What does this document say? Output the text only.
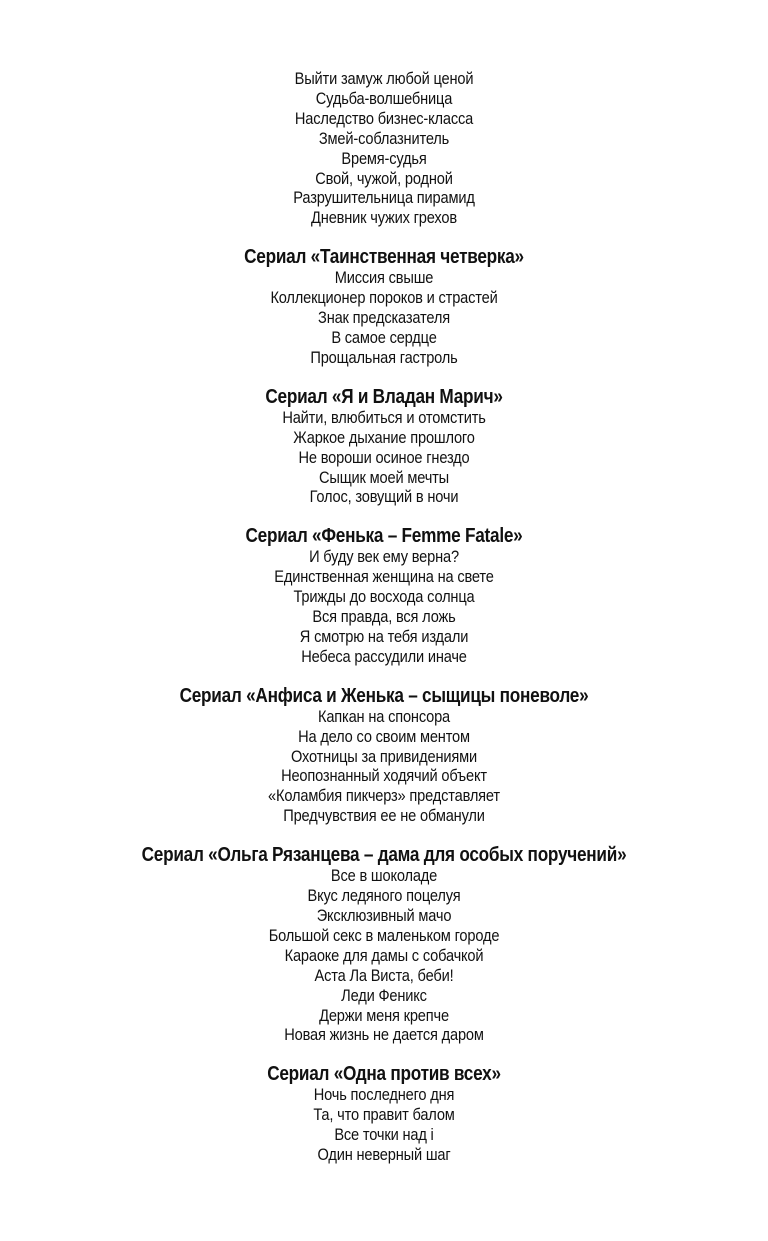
Выйти замуж любой ценой
Судьба-волшебница
Наследство бизнес-класса
Змей-соблазнитель
Время-судья
Свой, чужой, родной
Разрушительница пирамид
Дневник чужих грехов
Сериал «Таинственная четверка»
Миссия свыше
Коллекционер пороков и страстей
Знак предсказателя
В самое сердце
Прощальная гастроль
Сериал «Я и Владан Марич»
Найти, влюбиться и отомстить
Жаркое дыхание прошлого
Не вороши осиное гнездо
Сыщик моей мечты
Голос, зовущий в ночи
Сериал «Фенька – Femme Fatale»
И буду век ему верна?
Единственная женщина на свете
Трижды до восхода солнца
Вся правда, вся ложь
Я смотрю на тебя издали
Небеса рассудили иначе
Сериал «Анфиса и Женька – сыщицы поневоле»
Капкан на спонсора
На дело со своим ментом
Охотницы за привидениями
Неопознанный ходячий объект
«Коламбия пикчерз» представляет
Предчувствия ее не обманули
Сериал «Ольга Рязанцева – дама для особых поручений»
Все в шоколаде
Вкус ледяного поцелуя
Эксклюзивный мачо
Большой секс в маленьком городе
Караоке для дамы с собачкой
Аста Ла Виста, беби!
Леди Феникс
Держи меня крепче
Новая жизнь не дается даром
Сериал «Одна против всех»
Ночь последнего дня
Та, что правит балом
Все точки над i
Один неверный шаг
